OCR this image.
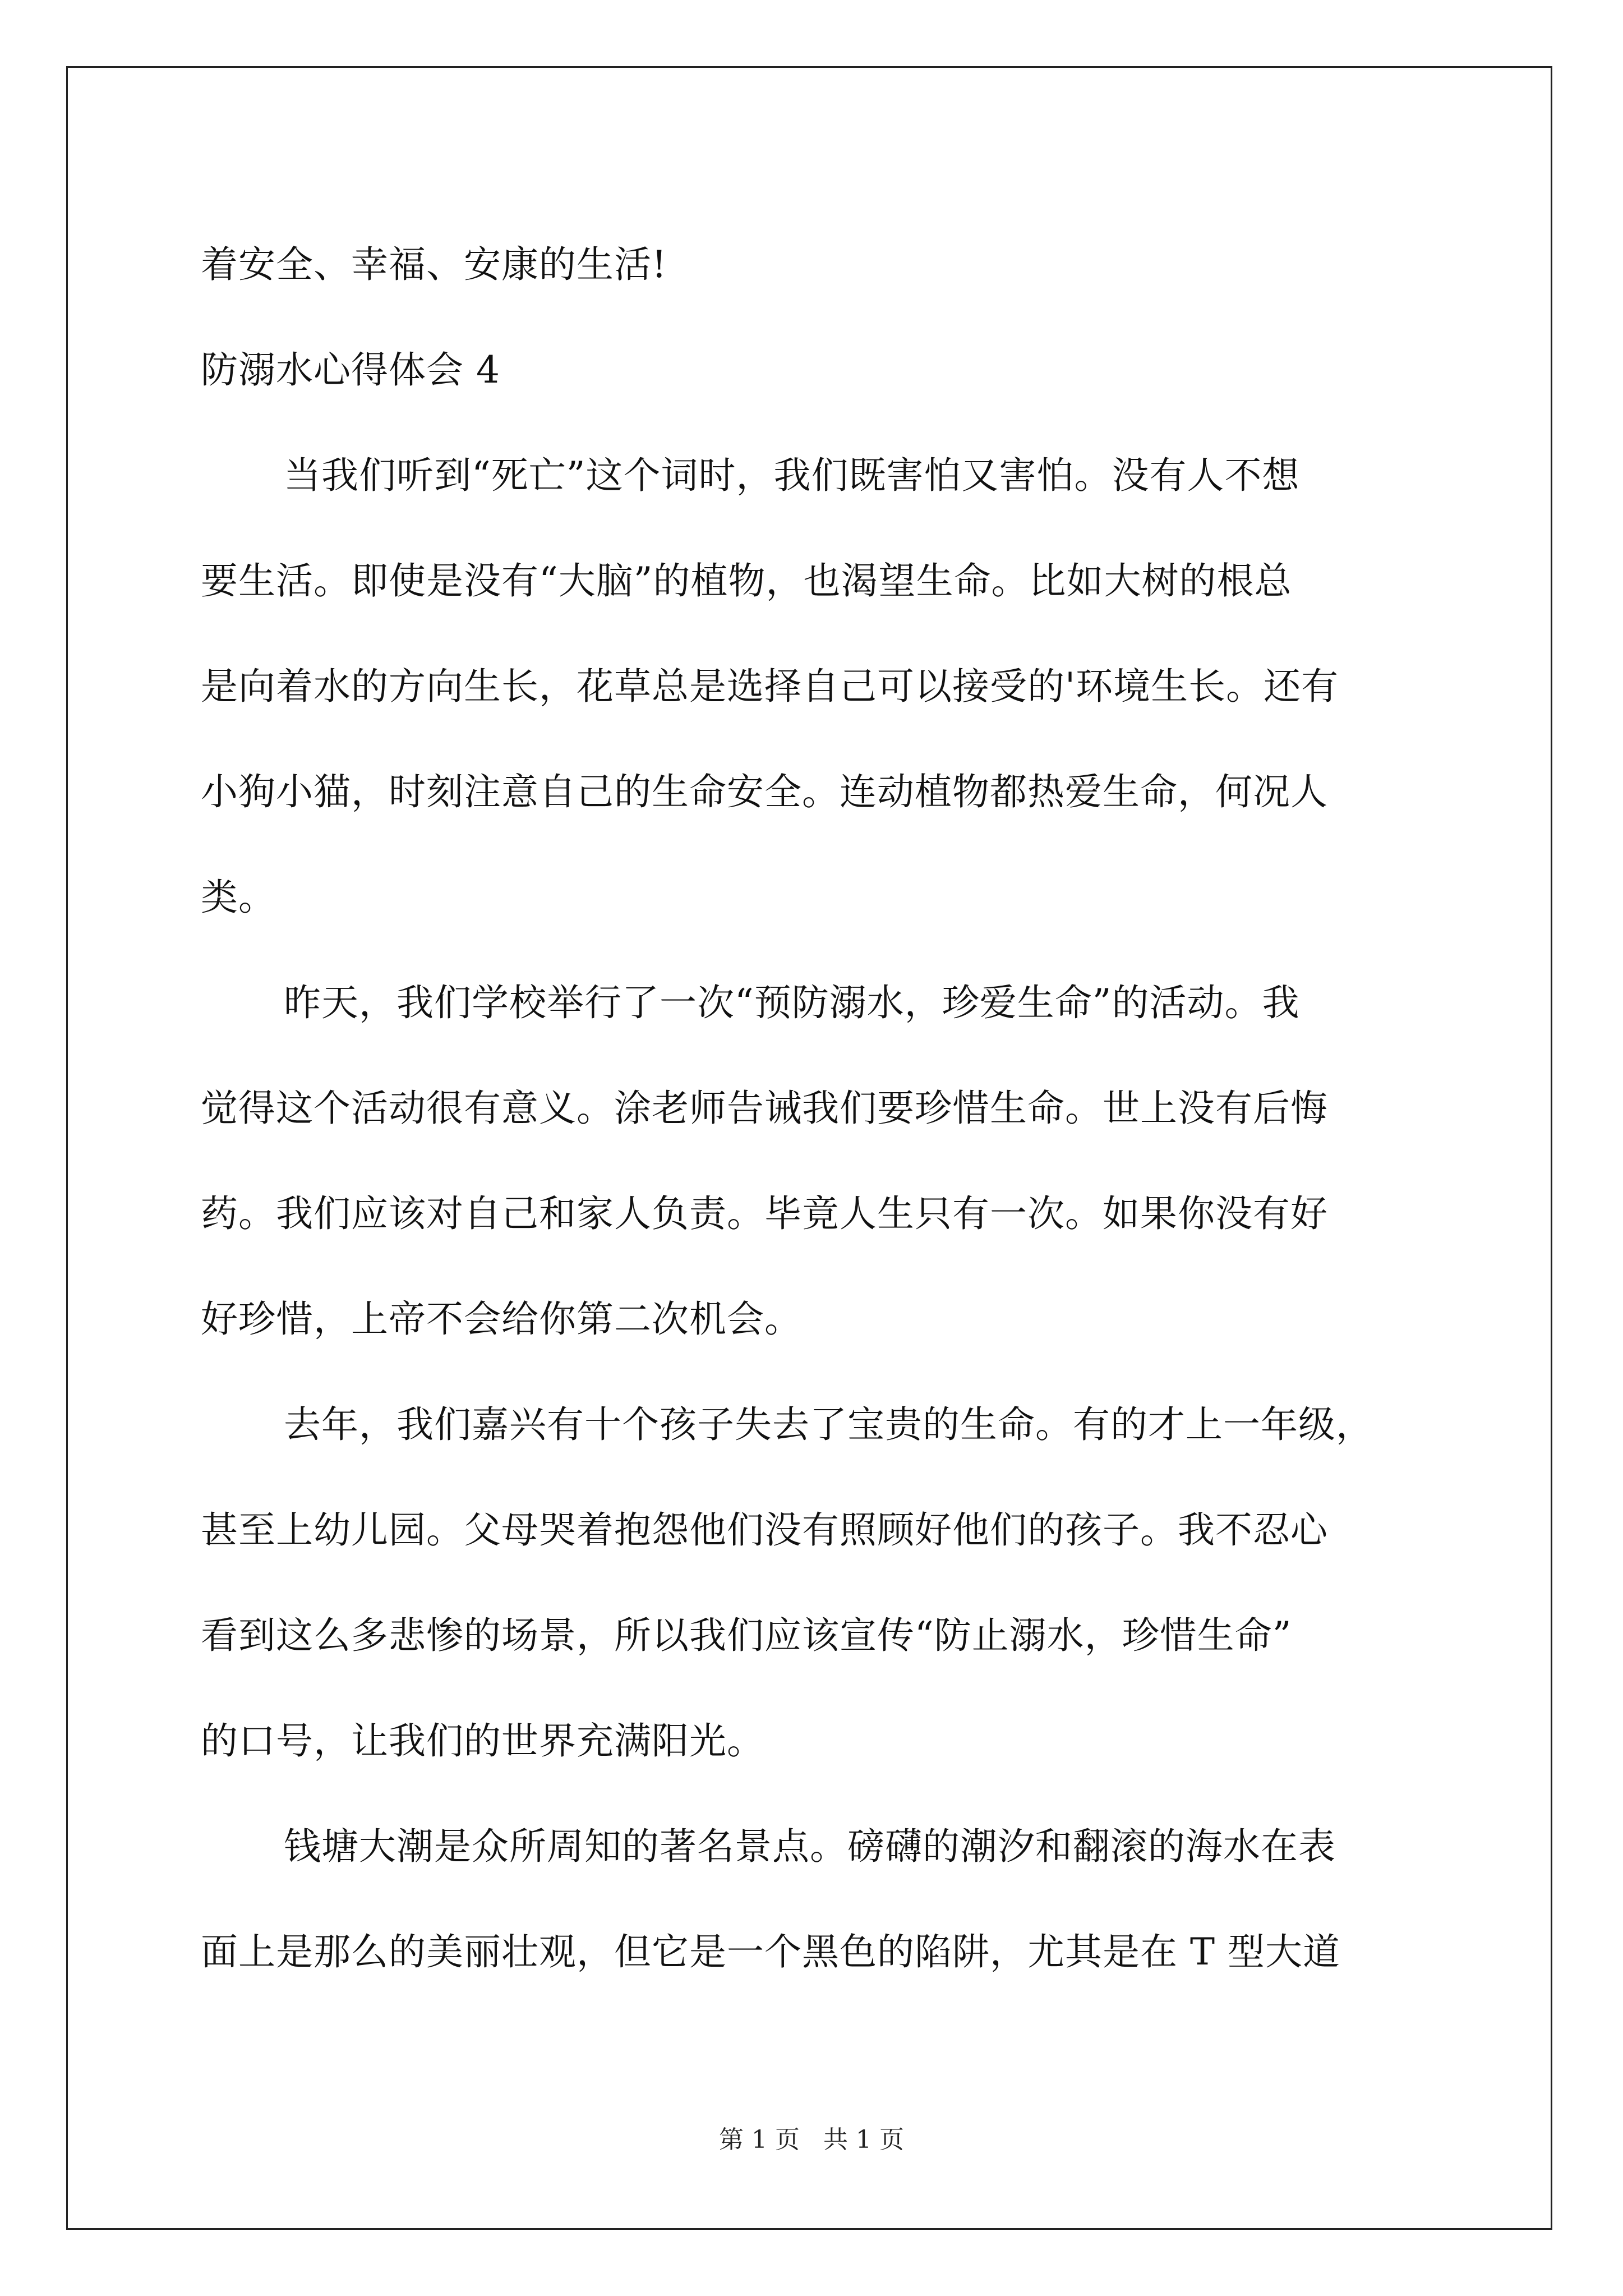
着安全、幸福、安康的生活!
防溺水心得体会 4
当我们听到“死亡”这个词时，我们既害怕又害怕。没有人不想
要生活。即使是没有“大脑”的植物，也渴望生命。比如大树的根总
是向着水的方向生长，花草总是选择自己可以接受的'环境生长。还有
小狗小猫，时刻注意自己的生命安全。连动植物都热爱生命，何况人
类。
昨天，我们学校举行了一次“预防溺水，珍爱生命”的活动。我
觉得这个活动很有意义。涂老师告诫我们要珍惜生命。世上没有后悔
药。我们应该对自己和家人负责。毕竟人生只有一次。如果你没有好
好珍惜，上帝不会给你第二次机会。
去年，我们嘉兴有十个孩子失去了宝贵的生命。有的才上一年级，
甚至上幼儿园。父母哭着抱怨他们没有照顾好他们的孩子。我不忍心
看到这么多悲惨的场景，所以我们应该宣传“防止溺水，珍惜生命”
的口号，让我们的世界充满阳光。
钱塘大潮是众所周知的著名景点。磅礴的潮汐和翻滚的海水在表
面上是那么的美丽壮观，但它是一个黑色的陷阱，尤其是在 T 型大道
第 1 页 共 1 页
